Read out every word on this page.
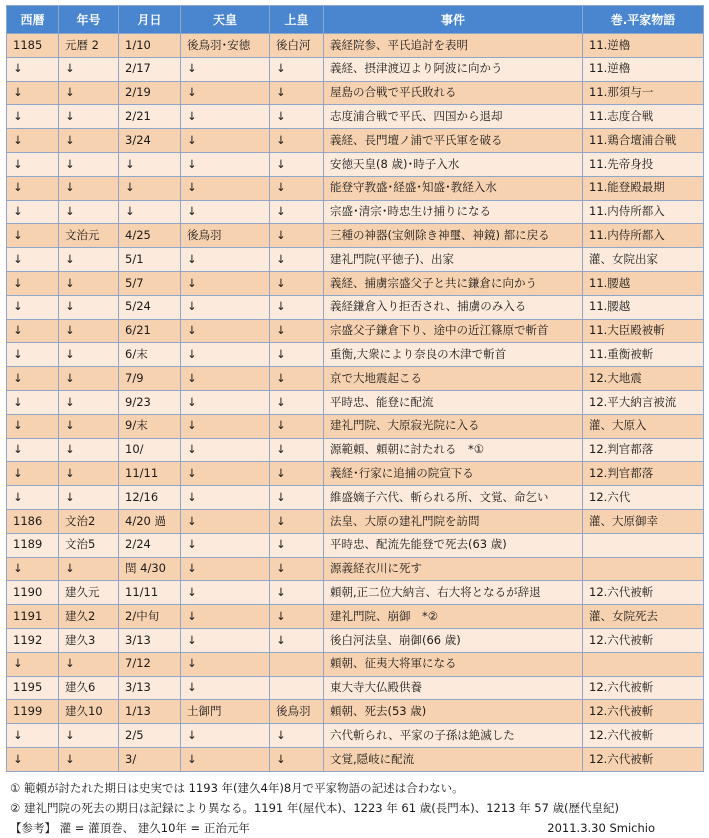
西暦	年号	月日	天皇	上皇	事件	巻.平家物語
1185	元暦 2	1/10	後鳥羽･安徳	後白河	義経院参、平氏追討を表明	11.逆櫓
↓	↓	2/17	↓	↓	義経、摂津渡辺より阿波に向かう	11.逆櫓
↓	↓	2/19	↓	↓	屋島の合戦で平氏敗れる	11.那須与一
↓	↓	2/21	↓	↓	志度浦合戦で平氏、四国から退却	11.志度合戦
↓	↓	3/24	↓	↓	義経、長門壇ノ浦で平氏軍を破る	11.鶏合壇浦合戦
↓	↓	↓	↓	↓	安徳天皇(8 歳)･時子入水	11.先帝身投
↓	↓	↓	↓	↓	能登守教盛･経盛･知盛･教経入水	11.能登殿最期
↓	↓	↓	↓	↓	宗盛･清宗･時忠生け捕りになる	11.内侍所都入
↓	文治元	4/25	後鳥羽	↓	三種の神器(宝剣除き神璽、神鏡) 都に戻る	11.内侍所都入
↓	↓	5/1	↓	↓	建礼門院(平徳子)、出家	灌、女院出家
↓	↓	5/7	↓	↓	義経、捕虜宗盛父子と共に鎌倉に向かう	11.腰越
↓	↓	5/24	↓	↓	義経鎌倉入り拒否され、捕虜のみ入る	11.腰越
↓	↓	6/21	↓	↓	宗盛父子鎌倉下り、途中の近江篠原で斬首	11.大臣殿被斬
↓	↓	6/末	↓	↓	重衡,大衆により奈良の木津で斬首	11.重衡被斬
↓	↓	7/9	↓	↓	京で大地震起こる	12.大地震
↓	↓	9/23	↓	↓	平時忠、能登に配流	12.平大納言被流
↓	↓	9/末	↓	↓	建礼門院、大原寂光院に入る	灌、大原入
↓	↓	10/	↓	↓	源範頼、頼朝に討たれる　*①	12.判官都落
↓	↓	11/11	↓	↓	義経･行家に追捕の院宣下る	12.判官都落
↓	↓	12/16	↓	↓	維盛嫡子六代、斬られる所、文覚、命乞い	12.六代
1186	文治2	4/20 過	↓	↓	法皇、大原の建礼門院を訪問	灌、大原御幸
1189	文治5	2/24	↓	↓	平時忠、配流先能登で死去(63 歳)	
↓	↓	閏 4/30	↓	↓	源義経衣川に死す	
1190	建久元	11/11	↓	↓	頼朝,正二位大納言、右大将となるが辞退	12.六代被斬
1191	建久2	2/中旬	↓	↓	建礼門院、崩御　*②	灌、女院死去
1192	建久3	3/13	↓	↓	後白河法皇、崩御(66 歳)	12.六代被斬
↓	↓	7/12	↓		頼朝、征夷大将軍になる	
1195	建久6	3/13	↓		東大寺大仏殿供養	12.六代被斬
1199	建久10	1/13	土御門	後鳥羽	頼朝、死去(53 歳)	12.六代被斬
↓	↓	2/5	↓	↓	六代斬られ、平家の子孫は絶滅した	12.六代被斬
↓	↓	3/	↓	↓	文覚,隠岐に配流	12.六代被斬
① 範頼が討たれた期日は史実では 1193 年(建久4年)8月で平家物語の記述は合わない。
② 建礼門院の死去の期日は記録により異なる。1191 年(屋代本)、1223 年 61 歳(長門本)、1213 年 57 歳(歴代皇紀)
【参考】 灌 = 灌頂巻、 建久10年 = 正治元年	2011.3.30 Smichio
